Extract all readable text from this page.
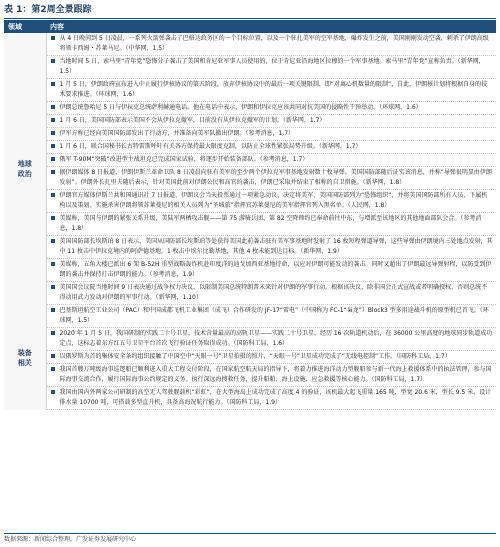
表 1：第2周全景跟踪
领域	内容
地球政治	从 4 日晚间到 5 日凌晨，一系列火箭弹袭击了巴格达政务区的一个目标位置，以及一个驻扎美军的空军基地，爆炸发生之前，美国刚刚发动空袭，刺杀了伊朗高级将领卡西姆・苏莱马尼。（中华网，1.5）

当地时间 5 日，索马里“青年党”恐怖分子袭击了美国和肯尼亚军事人员使用的，位于肯尼亚沿海地区拉穆的一个军事基地。索马里“青年党”宣称负责。（新华网，1.5）

1 月 5 日，伊朗政府宣布进入中止履行伊核协议的第五阶段，放弃伊核协议中的最后一项关键限制，即“对离心机数量的限制”，自此，伊朗核计划将根据自身的技术要求推进。（环球网，1.6）

伊朗总统鲁哈尼 5 日与伊拉克总统萨利赫通电话。他在电话中表示，伊朗和伊拉克应该共同对抗美国的侵略性干预举动。（环球网，1.6）

1 月 6 日，美国国防部表示美国不会从伊拉克撤军，目前没有从伊拉克撤军的计划。（新华网，1.7）

伊军方称已经向美国国防部发出了行动方，并准备向美军队撤出伊朗。（参考消息，1.7）

1 月 6 日，联合国秘书长古特雷斯呼吁有关各方保持最大限度克制，以防止全球性紧张局势升级。（新华网，1.7）

俄军 T-90M“突破”改进型主战坦克已完成国家试验，将逐步开始装备部队。（参考消息，1.7）

据伊朗媒体 8 日报道，伊朗伊斯兰革命卫队 8 日凌晨向驻有美军的至少两个伊拉克军事基地发射数十枚导弹。美国国防部随后证实该消息，并称“导弹很明显由伊朗发射”。伊朗外长扎里夫随后表示，针对美国此前对伊朗公民和高官的袭击，伊朗已采取并结束了相称的自卫措施。（新华网，1.8）

伊朗官方媒体伊斯兰共和国通讯社 7 日报道，伊朗议会当天投票通过一项紧急动议，决定将美军、美国国防部列为“恐怖组织”，并将美国国防部所有人员、下属机构以及策划、实施杀害伊朗将领苏莱曼尼的相关人员列为“圣城旅”指挥官苏莱曼尼的美军指挥官列入黑名单。（人民网，1.8）

美媒称，美国与伊朗的紧张关系升级，美陆军两栖攻击舰——第 75 游骑兵团、第 82 空降师约已奉命前往中东，与增派至该地区的其他地面部队会合。（参考消息，1.8）

美国国防部长埃斯珀 8 日表示，美国从国防部长埃斯珀等处获得美国此前袭击驻有美军事基地时发射了 16 枚短程弹道导弹，这些导弹由伊朗境内三处地点发射，其中 11 枚击中伊拉克境内的阿萨德基地，1 枚击中埃尔比勒基地，其他 4 枚未能到达目标。（新华网，1.9）

美媒称，五角大楼已派出 6 架 B-52H 重型战略轰炸机赴印度洋的迪戈加西亚基地待命，以应对伊朗可能发动的袭击。同时又超出了伊朗最远导弹射程，以防受到伊朗的袭击并保持打击伊朗的能力。（参考消息，1.9）

美国国会议院当地时间 9 日表决通过战争权力决议，以限制美国总统特朗普未来针对伊朗的军事行动。根据该决议，除非国会正式宣战或者明确授权，否则总统不得动用武力发动对伊朗的军事行动。（新华网，1.10）

装备相关	巴基斯坦航空工业公司（PAC）和中国成都飞机工业集团（成飞）合作研发的 JF-17“雷电”（中国称为 FC-1“枭龙”）Block3 型多用途战斗机的原型机已首飞。（环球网，1.5）

2020 年 1 月 5 日，我国研制的实践二十号卫星，技术含量最高的高轨卫星——实践二十号卫星，经历 16 次轨道机动后，在 36000 公里高度的地球同步轨道成功定点，这标志着东方红五号卫星平台首次飞行验证任务取得成功。（国防科工局，1.6）

以俄罗斯为首的集体安全条约组织接触了中国空中“天眼一号”卫星拍摄的照片，“天眼一号”卫星成功完成了“无线电控制”工作。（国防科工局，1.7）

我国首艘万吨级海事巡逻船已顺利进入重大工程交付阶段，在国家航空航天局的指导下，将着力推进海洋动力型舰船参与新一代海上救援体系中的执法管理，参与国际海事交流合作，履行国际海事公约规定的义务。执行深远海搜救任务，提升船舶、海上设施、应急救援等核心能力。（国防科工局，1.7）

我国由国内外两家公司研制的高空无人驾驶舰载机“彩虹”，在大型海岛上成功完成了高度 4 的验证，该机最大起飞重量 165 吨，型宽 20.6 米，型长 9.5 米，设计排水量 10700 吨，可搭载多型直升机，具备高海况航行能力。（国防科工局，1.9）
数据来源：新闻综合整理，广发证券发展研究中心
